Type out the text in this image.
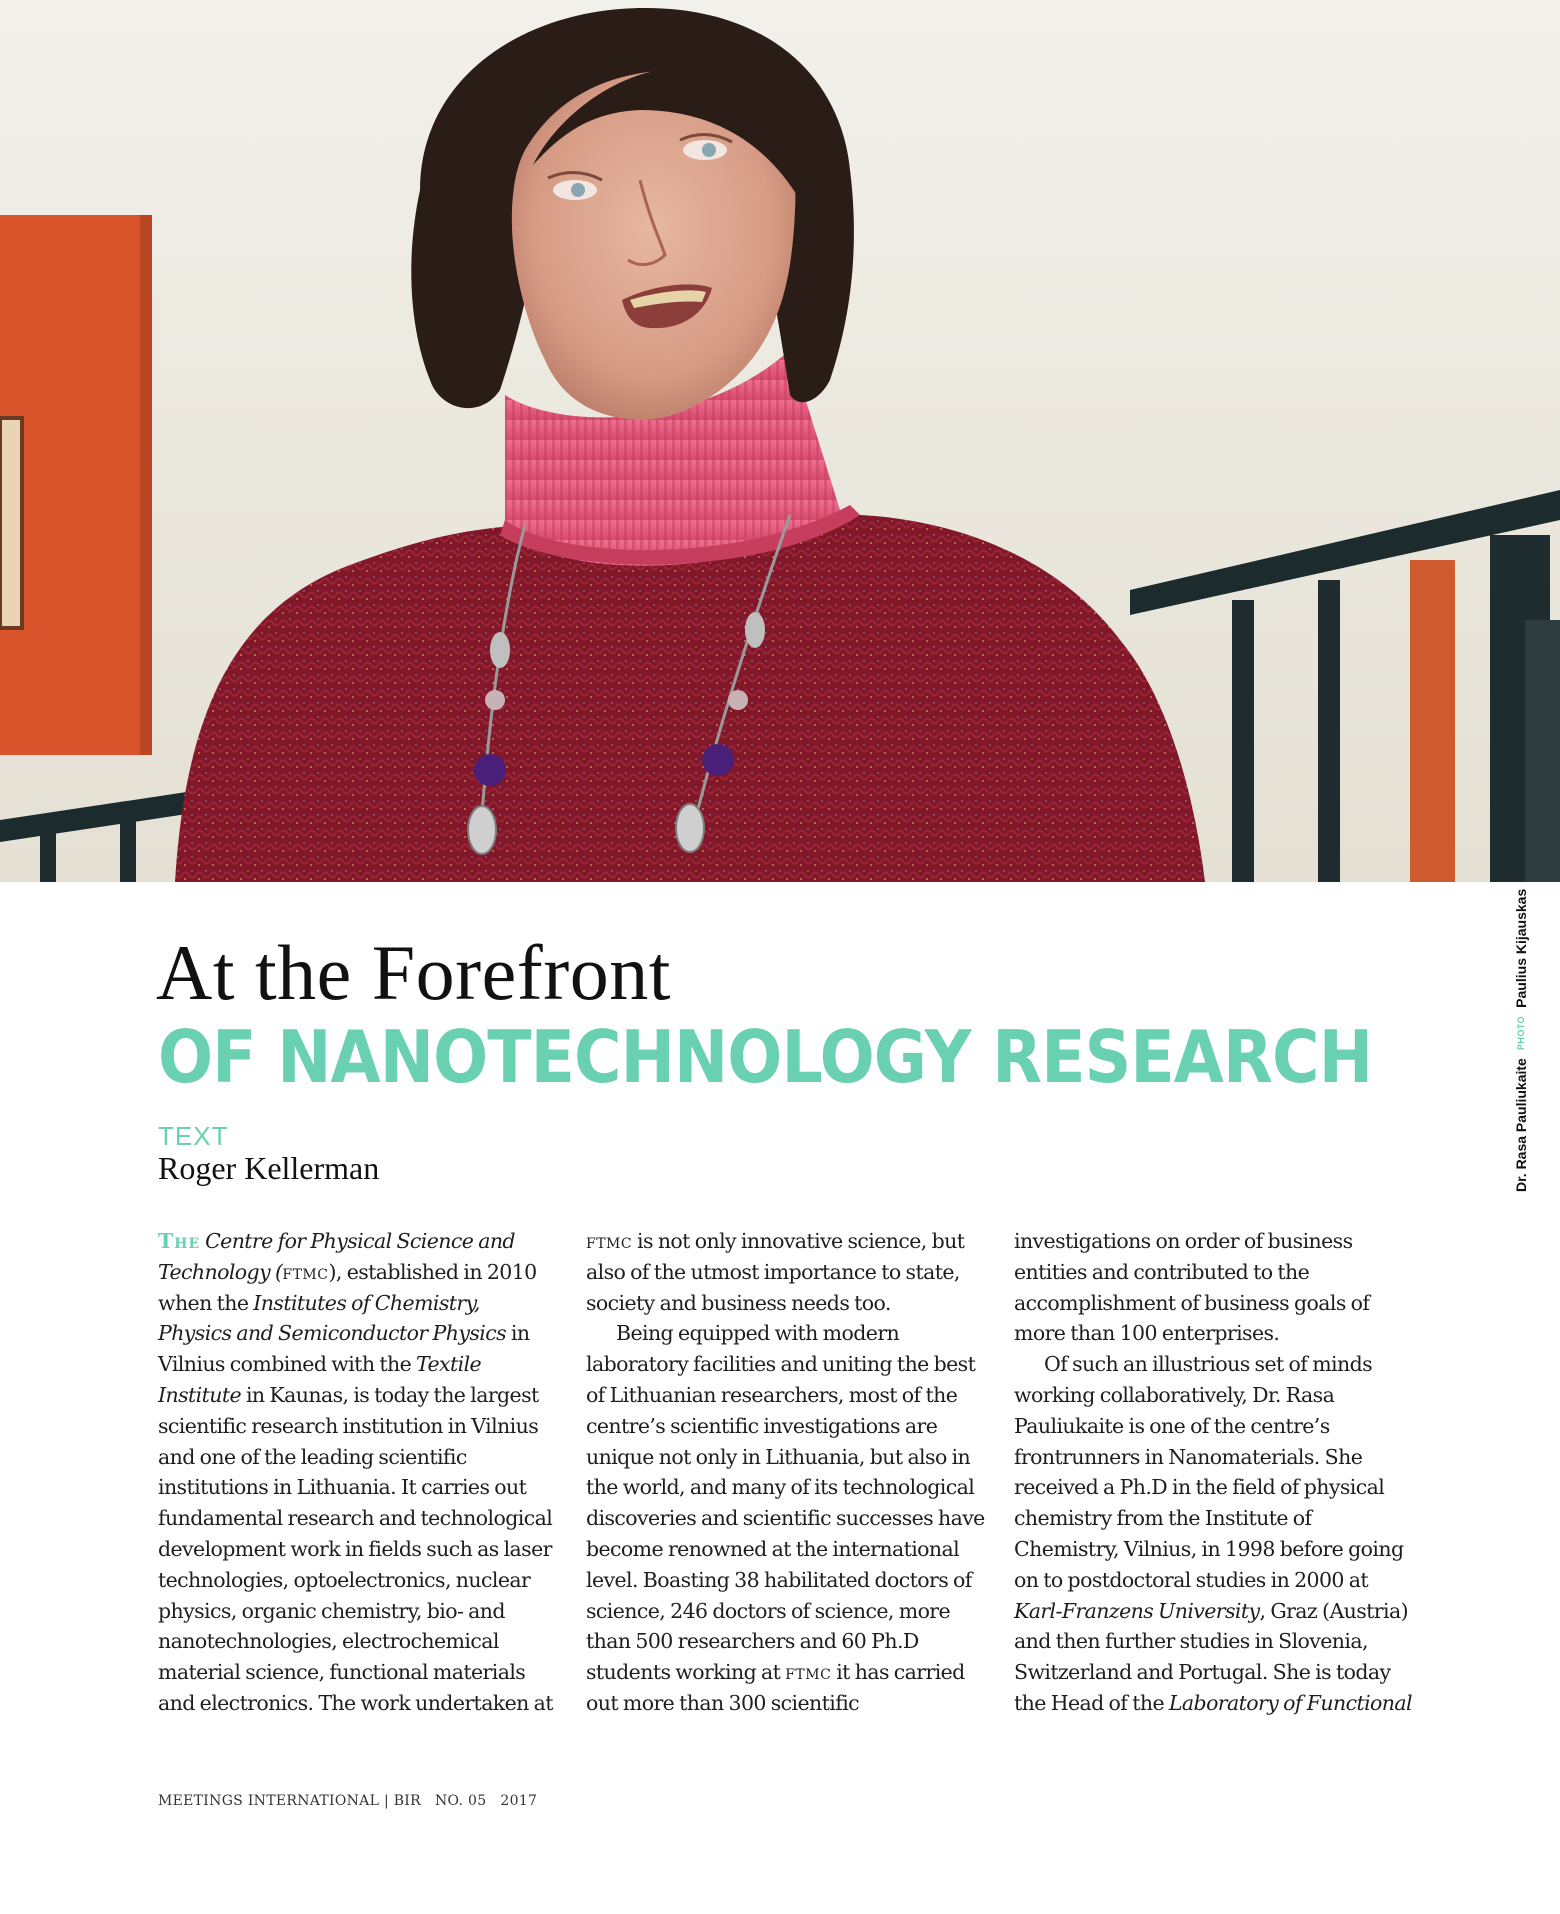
Dr. Rasa PauliukaitePHOTOPaulius Kijauskas
At the Forefront
OF NANOTECHNOLOGY RESEARCH
TEXT
Roger Kellerman

The Centre for Physical Science and Technology (ftmc), established in 2010 when the Institutes of Chemistry, Physics and Semiconductor Physics in Vilnius combined with the Textile Institute in Kaunas, is today the largest scientific research institution in Vilnius and one of the leading scientific institutions in Lithuania. It carries out fundamental research and technological development work in fields such as laser technologies, optoelectronics, nuclear physics, organic chemistry, bio- and nanotechnologies, electrochemical material science, functional materials and electronics. The work undertaken at

ftmc is not only innovative science, but also of the utmost importance to state, society and business needs too.

Being equipped with modern laboratory facilities and uniting the best of Lithuanian researchers, most of the centre’s scientific investigations are unique not only in Lithuania, but also in the world, and many of its technological discoveries and scientific successes have become renowned at the international level. Boasting 38 habilitated doctors of science, 246 doctors of science, more than 500 researchers and 60 Ph.D students working at ftmc it has carried out more than 300 scientific

investigations on order of business entities and contributed to the accomplishment of business goals of more than 100 enterprises.

Of such an illustrious set of minds working collaboratively, Dr. Rasa Pauliukaite is one of the centre’s frontrunners in Nanomaterials. She received a Ph.D in the field of physical chemistry from the Institute of Chemistry, Vilnius, in 1998 before going on to postdoctoral studies in 2000 at Karl-Franzens University, Graz (Austria) and then further studies in Slovenia, Switzerland and Portugal. She is today the Head of the Laboratory of Functional

MEETINGS INTERNATIONAL | BIR NO. 05 2017
